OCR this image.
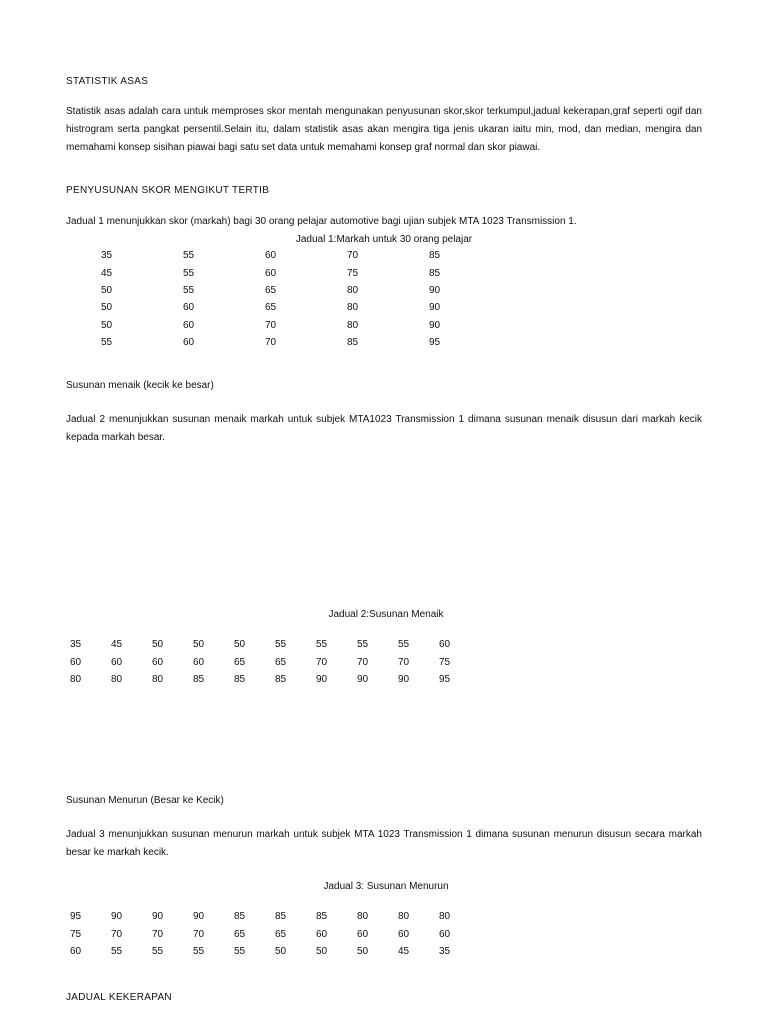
STATISTIK ASAS
Statistik asas adalah cara untuk memproses skor mentah mengunakan penyusunan skor,skor terkumpul,jadual kekerapan,graf seperti ogif dan histrogram serta pangkat persentil.Selain itu, dalam statistik asas akan mengira tiga jenis ukaran iaitu min, mod, dan median, mengira dan memahami konsep sisihan piawai bagi satu set data untuk memahami konsep graf normal dan skor piawai.
PENYUSUNAN SKOR MENGIKUT TERTIB
Jadual 1 menunjukkan skor (markah) bagi 30 orang pelajar automotive bagi ujian subjek MTA 1023 Transmission 1.
Jadual 1:Markah untuk 30 orang pelajar
35	55	60	70	85
45	55	60	75	85
50	55	65	80	90
50	60	65	80	90
50	60	70	80	90
55	60	70	85	95
Susunan menaik (kecik ke besar)
Jadual 2 menunjukkan susunan menaik markah untuk subjek MTA1023 Transmission 1 dimana susunan menaik disusun dari markah kecik kepada markah besar.
Jadual 2:Susunan Menaik
35	45	50	50	50	55	55	55	55	60
60	60	60	60	65	65	70	70	70	75
80	80	80	85	85	85	90	90	90	95
Susunan Menurun (Besar ke Kecik)
Jadual 3 menunjukkan susunan menurun markah untuk subjek MTA 1023 Transmission 1 dimana susunan menurun disusun secara markah besar ke markah kecik.
Jadual 3: Susunan Menurun
95	90	90	90	85	85	85	80	80	80
75	70	70	70	65	65	60	60	60	60
60	55	55	55	55	50	50	50	45	35
JADUAL KEKERAPAN
